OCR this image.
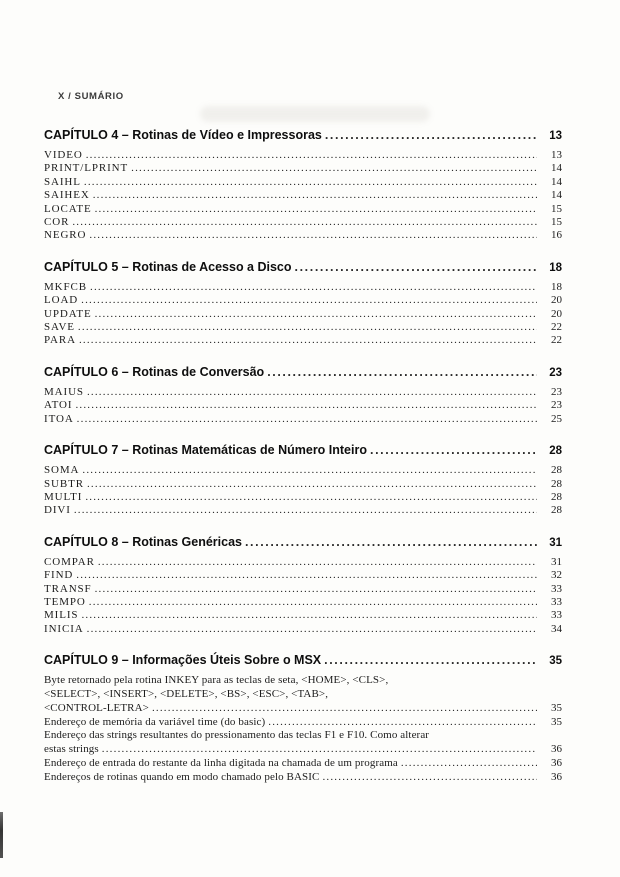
X / SUMÁRIO
CAPÍTULO 4 – Rotinas de Vídeo e Impressoras .....	13
VIDEO .....	13
PRINT/LPRINT .....	14
SAIHL .....	14
SAIHEX .....	14
LOCATE .....	15
COR .....	15
NEGRO .....	16
CAPÍTULO 5 – Rotinas de Acesso a Disco .....	18
MKFCB .....	18
LOAD .....	20
UPDATE .....	20
SAVE .....	22
PARA .....	22
CAPÍTULO 6 – Rotinas de Conversão .....	23
MAIUS .....	23
ATOI .....	23
ITOA .....	25
CAPÍTULO 7 – Rotinas Matemáticas de Número Inteiro .....	28
SOMA .....	28
SUBTR .....	28
MULTI .....	28
DIVI .....	28
CAPÍTULO 8 – Rotinas Genéricas .....	31
COMPAR .....	31
FIND .....	32
TRANSF .....	33
TEMPO .....	33
MILIS .....	33
INICIA .....	34
CAPÍTULO 9 – Informações Úteis Sobre o MSX .....	35
Byte retornado pela rotina INKEY para as teclas de seta, <HOME>, <CLS>,
<SELECT>, <INSERT>, <DELETE>, <BS>, <ESC>, <TAB>,
<CONTROL-LETRA> .....	35
Endereço de memória da variável time (do basic) .....	35
Endereço das strings resultantes do pressionamento das teclas F1 e F10. Como alterar
estas strings .....	36
Endereço de entrada do restante da linha digitada na chamada de um programa .....	36
Endereços de rotinas quando em modo chamado pelo BASIC .....	36
